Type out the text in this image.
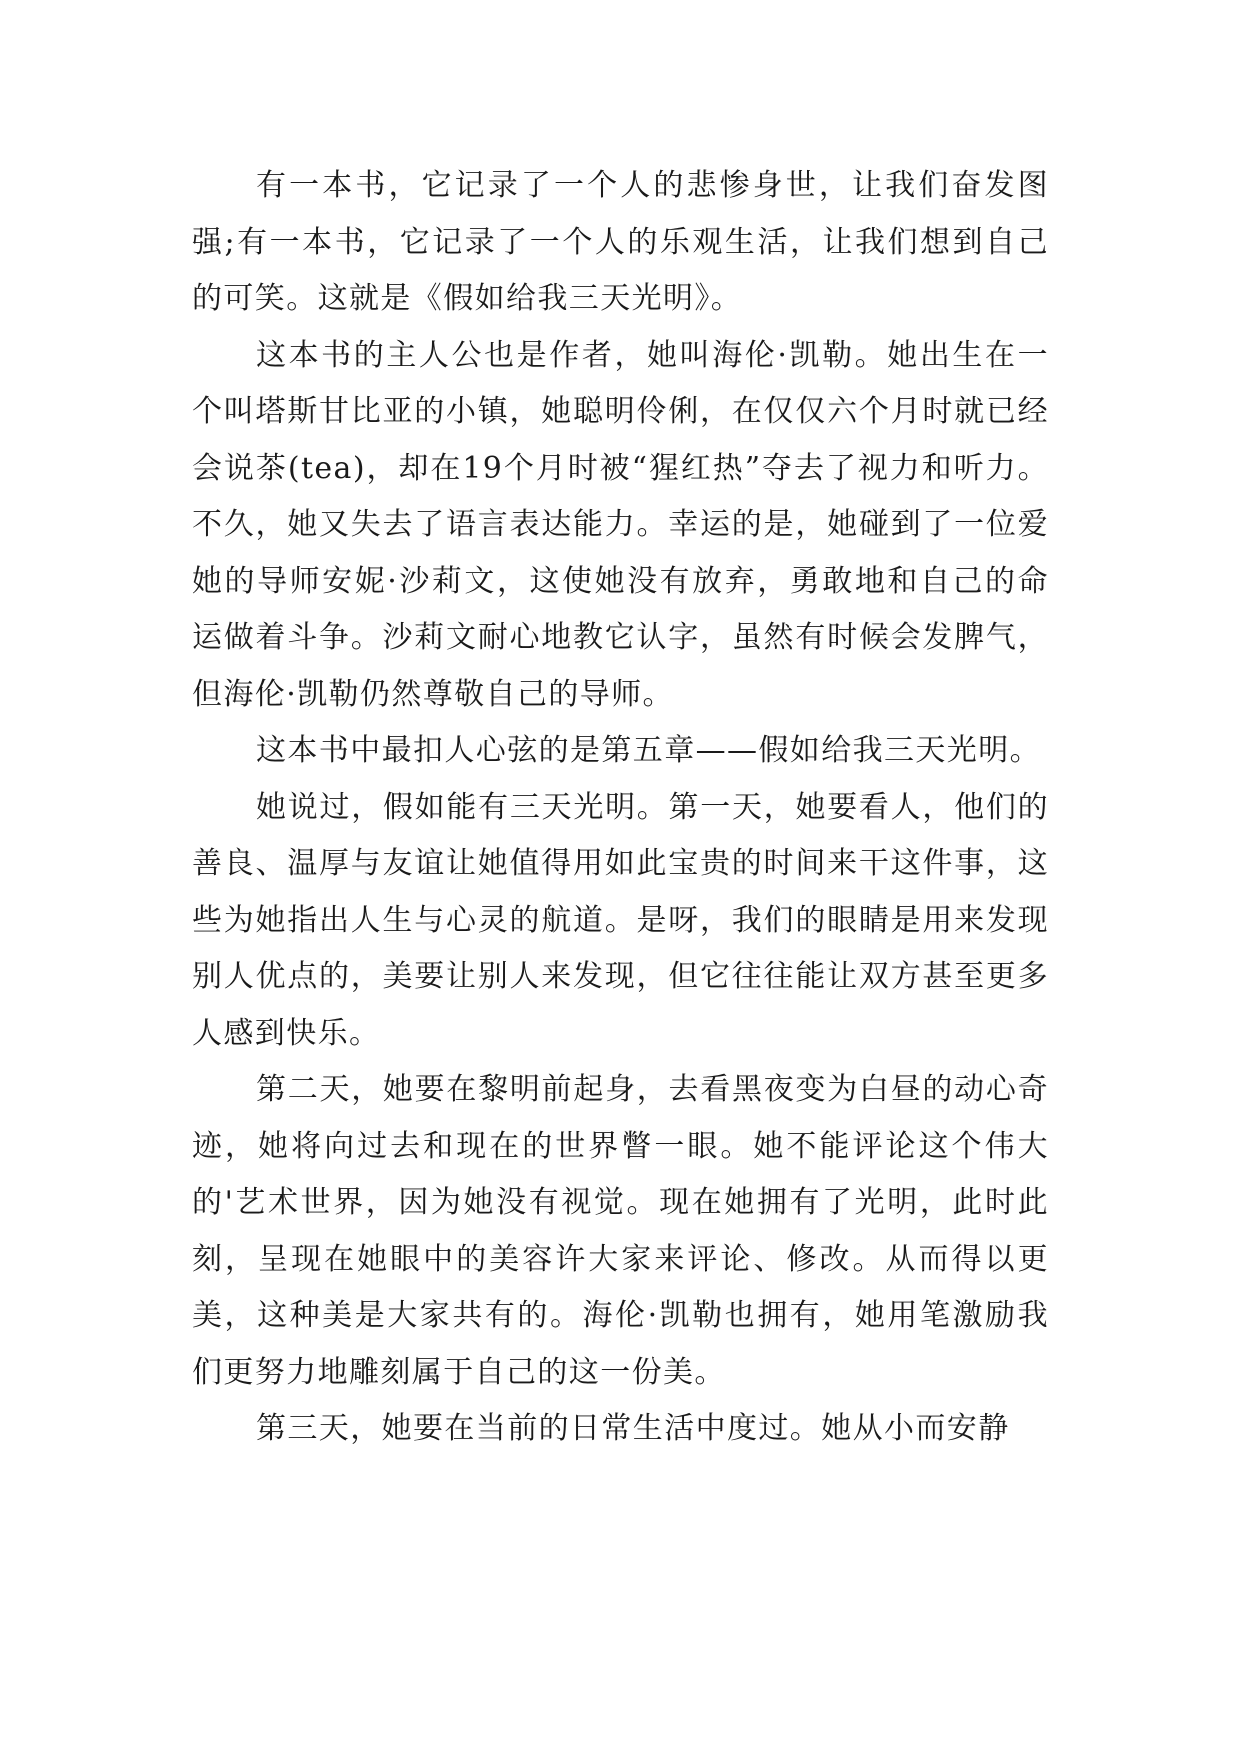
有一本书，它记录了一个人的悲惨身世，让我们奋发图强;有一本书，它记录了一个人的乐观生活，让我们想到自己的可笑。这就是《假如给我三天光明》。

这本书的主人公也是作者，她叫海伦·凯勒。她出生在一个叫塔斯甘比亚的小镇，她聪明伶俐，在仅仅六个月时就已经会说茶(tea)，却在19个月时被“猩红热”夺去了视力和听力。不久，她又失去了语言表达能力。幸运的是，她碰到了一位爱她的导师安妮·沙莉文，这使她没有放弃，勇敢地和自己的命运做着斗争。沙莉文耐心地教它认字，虽然有时候会发脾气，但海伦·凯勒仍然尊敬自己的导师。

这本书中最扣人心弦的是第五章——假如给我三天光明。

她说过，假如能有三天光明。第一天，她要看人，他们的善良、温厚与友谊让她值得用如此宝贵的时间来干这件事，这些为她指出人生与心灵的航道。是呀，我们的眼睛是用来发现别人优点的，美要让别人来发现，但它往往能让双方甚至更多人感到快乐。

第二天，她要在黎明前起身，去看黑夜变为白昼的动心奇迹，她将向过去和现在的世界瞥一眼。她不能评论这个伟大的'艺术世界，因为她没有视觉。现在她拥有了光明，此时此刻，呈现在她眼中的美容许大家来评论、修改。从而得以更美，这种美是大家共有的。海伦·凯勒也拥有，她用笔激励我们更努力地雕刻属于自己的这一份美。

第三天，她要在当前的日常生活中度过。她从小而安静
